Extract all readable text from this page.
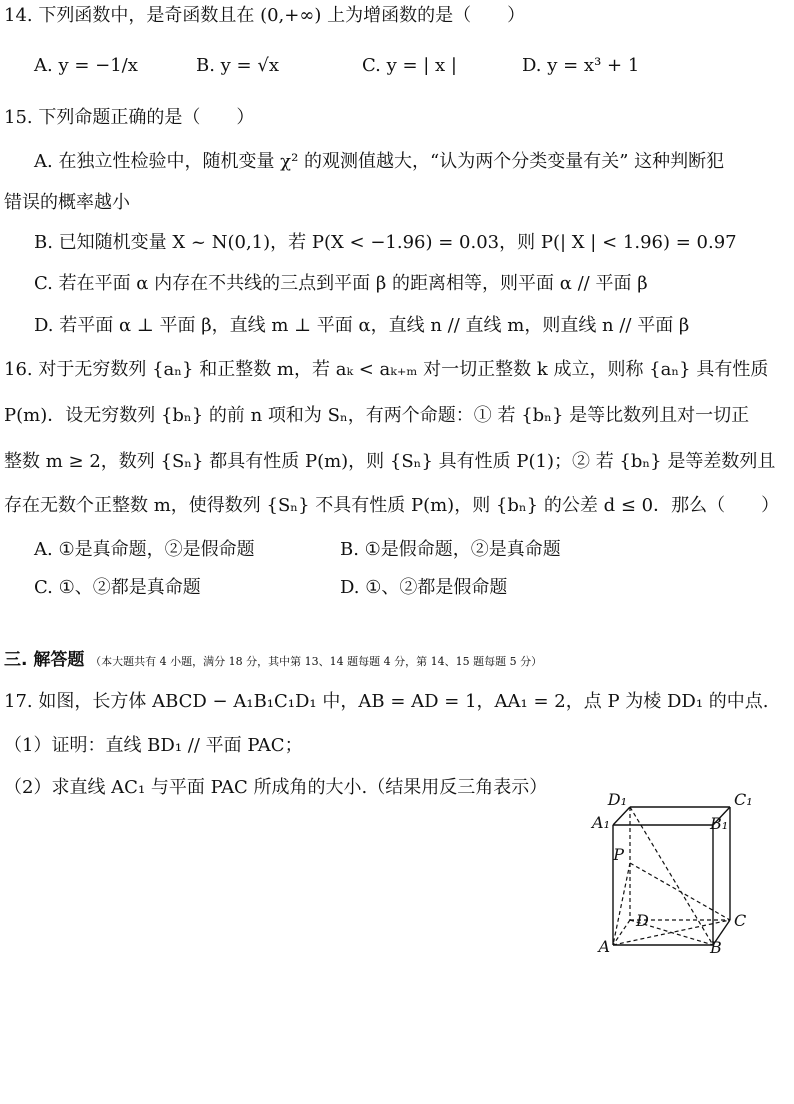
14. 下列函数中，是奇函数且在 (0,+∞) 上为增函数的是（　　）
A. y = −1/x	B. y = √x	C. y = | x |	D. y = x³ + 1
15. 下列命题正确的是（　　）
A. 在独立性检验中，随机变量 χ² 的观测值越大，“认为两个分类变量有关” 这种判断犯
错误的概率越小
B. 已知随机变量 X ~ N(0,1)，若 P(X < −1.96) = 0.03，则 P(| X | < 1.96) = 0.97
C. 若在平面 α 内存在不共线的三点到平面 β 的距离相等，则平面 α // 平面 β
D. 若平面 α ⊥ 平面 β，直线 m ⊥ 平面 α，直线 n // 直线 m，则直线 n // 平面 β
16. 对于无穷数列 {aₙ} 和正整数 m，若 aₖ < aₖ₊ₘ 对一切正整数 k 成立，则称 {aₙ} 具有性质
P(m)．设无穷数列 {bₙ} 的前 n 项和为 Sₙ，有两个命题：① 若 {bₙ} 是等比数列且对一切正
整数 m ≥ 2，数列 {Sₙ} 都具有性质 P(m)，则 {Sₙ} 具有性质 P(1)；② 若 {bₙ} 是等差数列且
存在无数个正整数 m，使得数列 {Sₙ} 不具有性质 P(m)，则 {bₙ} 的公差 d ≤ 0．那么（　　）
A. ①是真命题，②是假命题	B. ①是假命题，②是真命题
C. ①、②都是真命题	D. ①、②都是假命题
三. 解答题 （本大题共有 4 小题，满分 18 分，其中第 13、14 题每题 4 分，第 14、15 题每题 5 分）
17. 如图，长方体 ABCD − A₁B₁C₁D₁ 中，AB = AD = 1，AA₁ = 2，点 P 为棱 DD₁ 的中点.
（1）证明：直线 BD₁ // 平面 PAC；
（2）求直线 AC₁ 与平面 PAC 所成角的大小.（结果用反三角表示）
D₁	C₁
A₁	B₁
P
D	C
A	B
